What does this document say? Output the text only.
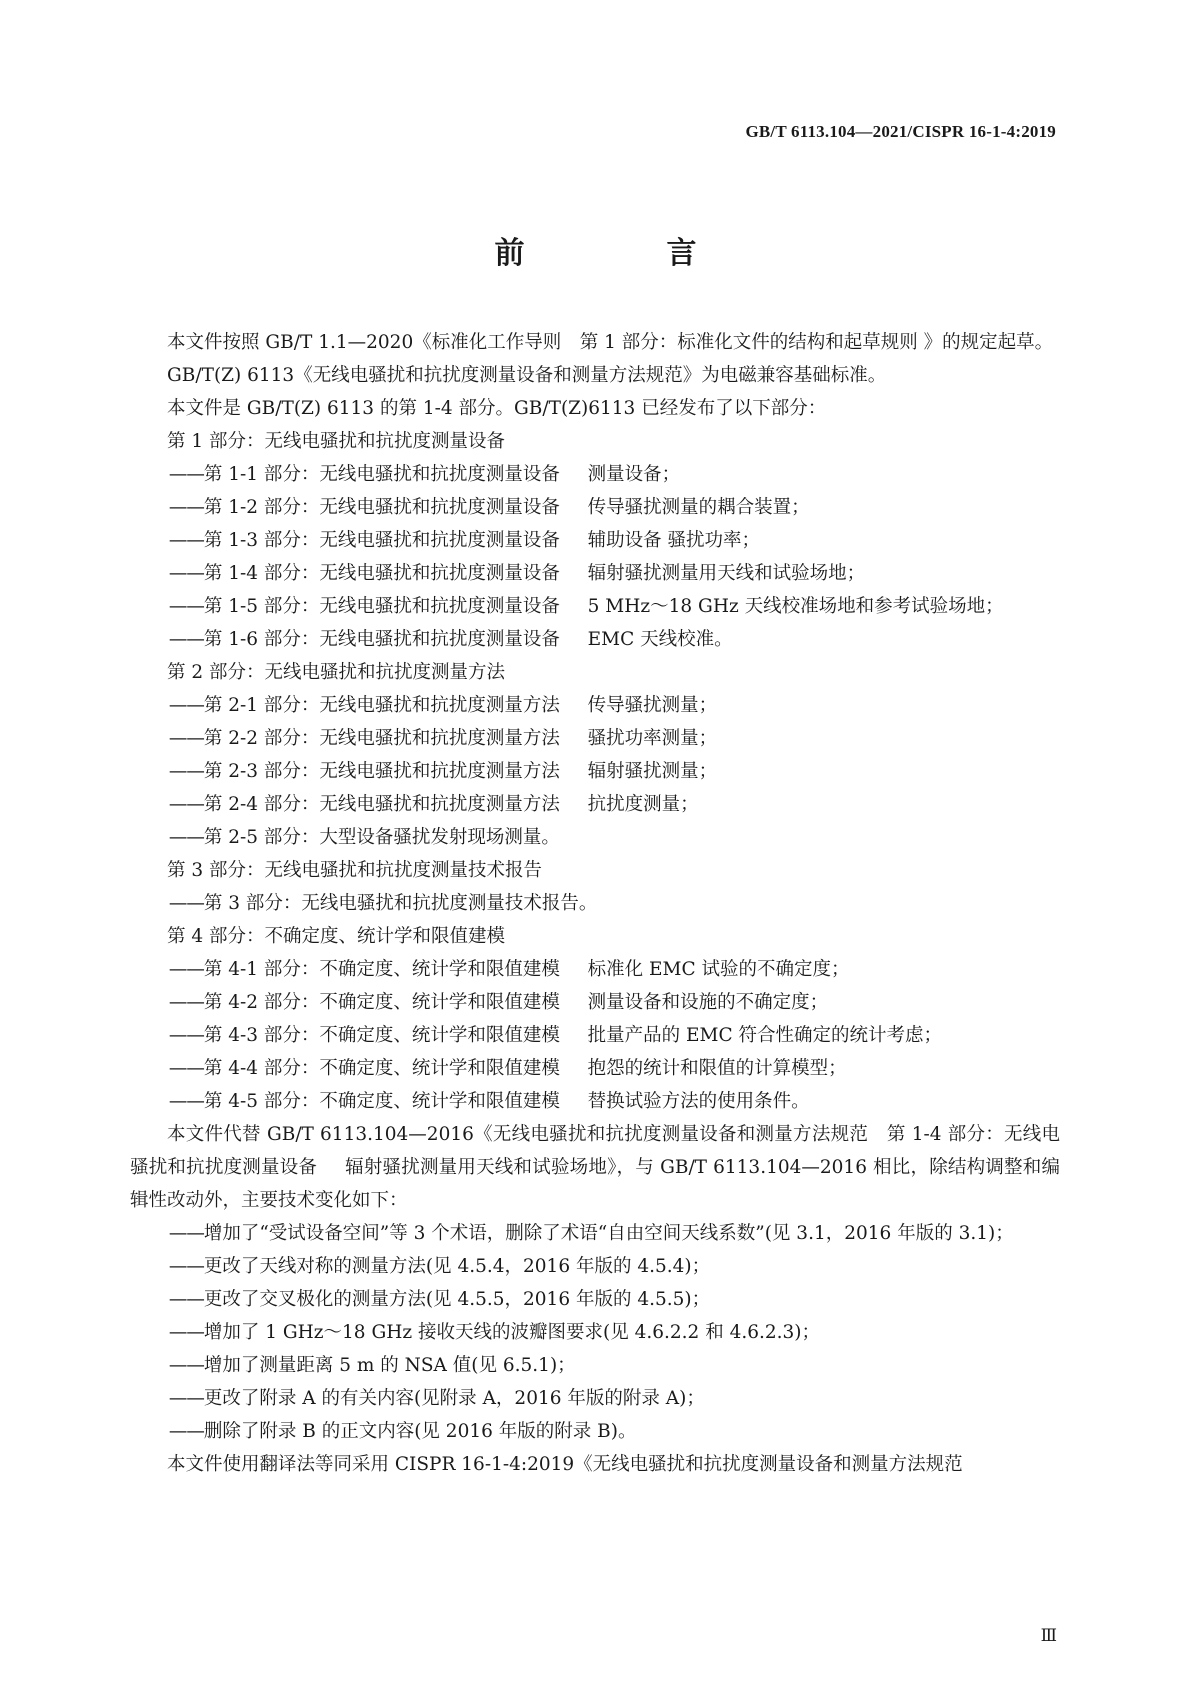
GB/T 6113.104—2021/CISPR 16-1-4:2019
前　言

本文件按照 GB/T 1.1—2020《标准化工作导则　第 1 部分：标准化文件的结构和起草规则 》的规定起草。

GB/T(Z) 6113《无线电骚扰和抗扰度测量设备和测量方法规范》为电磁兼容基础标准。

本文件是 GB/T(Z) 6113 的第 1-4 部分。GB/T(Z)6113 已经发布了以下部分：

第 1 部分：无线电骚扰和抗扰度测量设备

——第 1-1 部分：无线电骚扰和抗扰度测量设备 测量设备；

——第 1-2 部分：无线电骚扰和抗扰度测量设备 传导骚扰测量的耦合装置；

——第 1-3 部分：无线电骚扰和抗扰度测量设备 辅助设备 骚扰功率；

——第 1-4 部分：无线电骚扰和抗扰度测量设备 辐射骚扰测量用天线和试验场地；

——第 1-5 部分：无线电骚扰和抗扰度测量设备 5 MHz～18 GHz 天线校准场地和参考试验场地；

——第 1-6 部分：无线电骚扰和抗扰度测量设备 EMC 天线校准。

第 2 部分：无线电骚扰和抗扰度测量方法

——第 2-1 部分：无线电骚扰和抗扰度测量方法 传导骚扰测量；

——第 2-2 部分：无线电骚扰和抗扰度测量方法 骚扰功率测量；

——第 2-3 部分：无线电骚扰和抗扰度测量方法 辐射骚扰测量；

——第 2-4 部分：无线电骚扰和抗扰度测量方法 抗扰度测量；

——第 2-5 部分：大型设备骚扰发射现场测量。

第 3 部分：无线电骚扰和抗扰度测量技术报告

——第 3 部分：无线电骚扰和抗扰度测量技术报告。

第 4 部分：不确定度、统计学和限值建模

——第 4-1 部分：不确定度、统计学和限值建模 标准化 EMC 试验的不确定度；

——第 4-2 部分：不确定度、统计学和限值建模 测量设备和设施的不确定度；

——第 4-3 部分：不确定度、统计学和限值建模 批量产品的 EMC 符合性确定的统计考虑；

——第 4-4 部分：不确定度、统计学和限值建模 抱怨的统计和限值的计算模型；

——第 4-5 部分：不确定度、统计学和限值建模 替换试验方法的使用条件。

本文件代替 GB/T 6113.104—2016《无线电骚扰和抗扰度测量设备和测量方法规范　第 1-4 部分：无线电骚扰和抗扰度测量设备 辐射骚扰测量用天线和试验场地》，与 GB/T 6113.104—2016 相比，除结构调整和编辑性改动外，主要技术变化如下：

——增加了“受试设备空间”等 3 个术语，删除了术语“自由空间天线系数”(见 3.1，2016 年版的 3.1)；

——更改了天线对称的测量方法(见 4.5.4，2016 年版的 4.5.4)；

——更改了交叉极化的测量方法(见 4.5.5，2016 年版的 4.5.5)；

——增加了 1 GHz～18 GHz 接收天线的波瓣图要求(见 4.6.2.2 和 4.6.2.3)；

——增加了测量距离 5 m 的 NSA 值(见 6.5.1)；

——更改了附录 A 的有关内容(见附录 A，2016 年版的附录 A)；

——删除了附录 B 的正文内容(见 2016 年版的附录 B)。

本文件使用翻译法等同采用 CISPR 16-1-4:2019《无线电骚扰和抗扰度测量设备和测量方法规范

Ⅲ
